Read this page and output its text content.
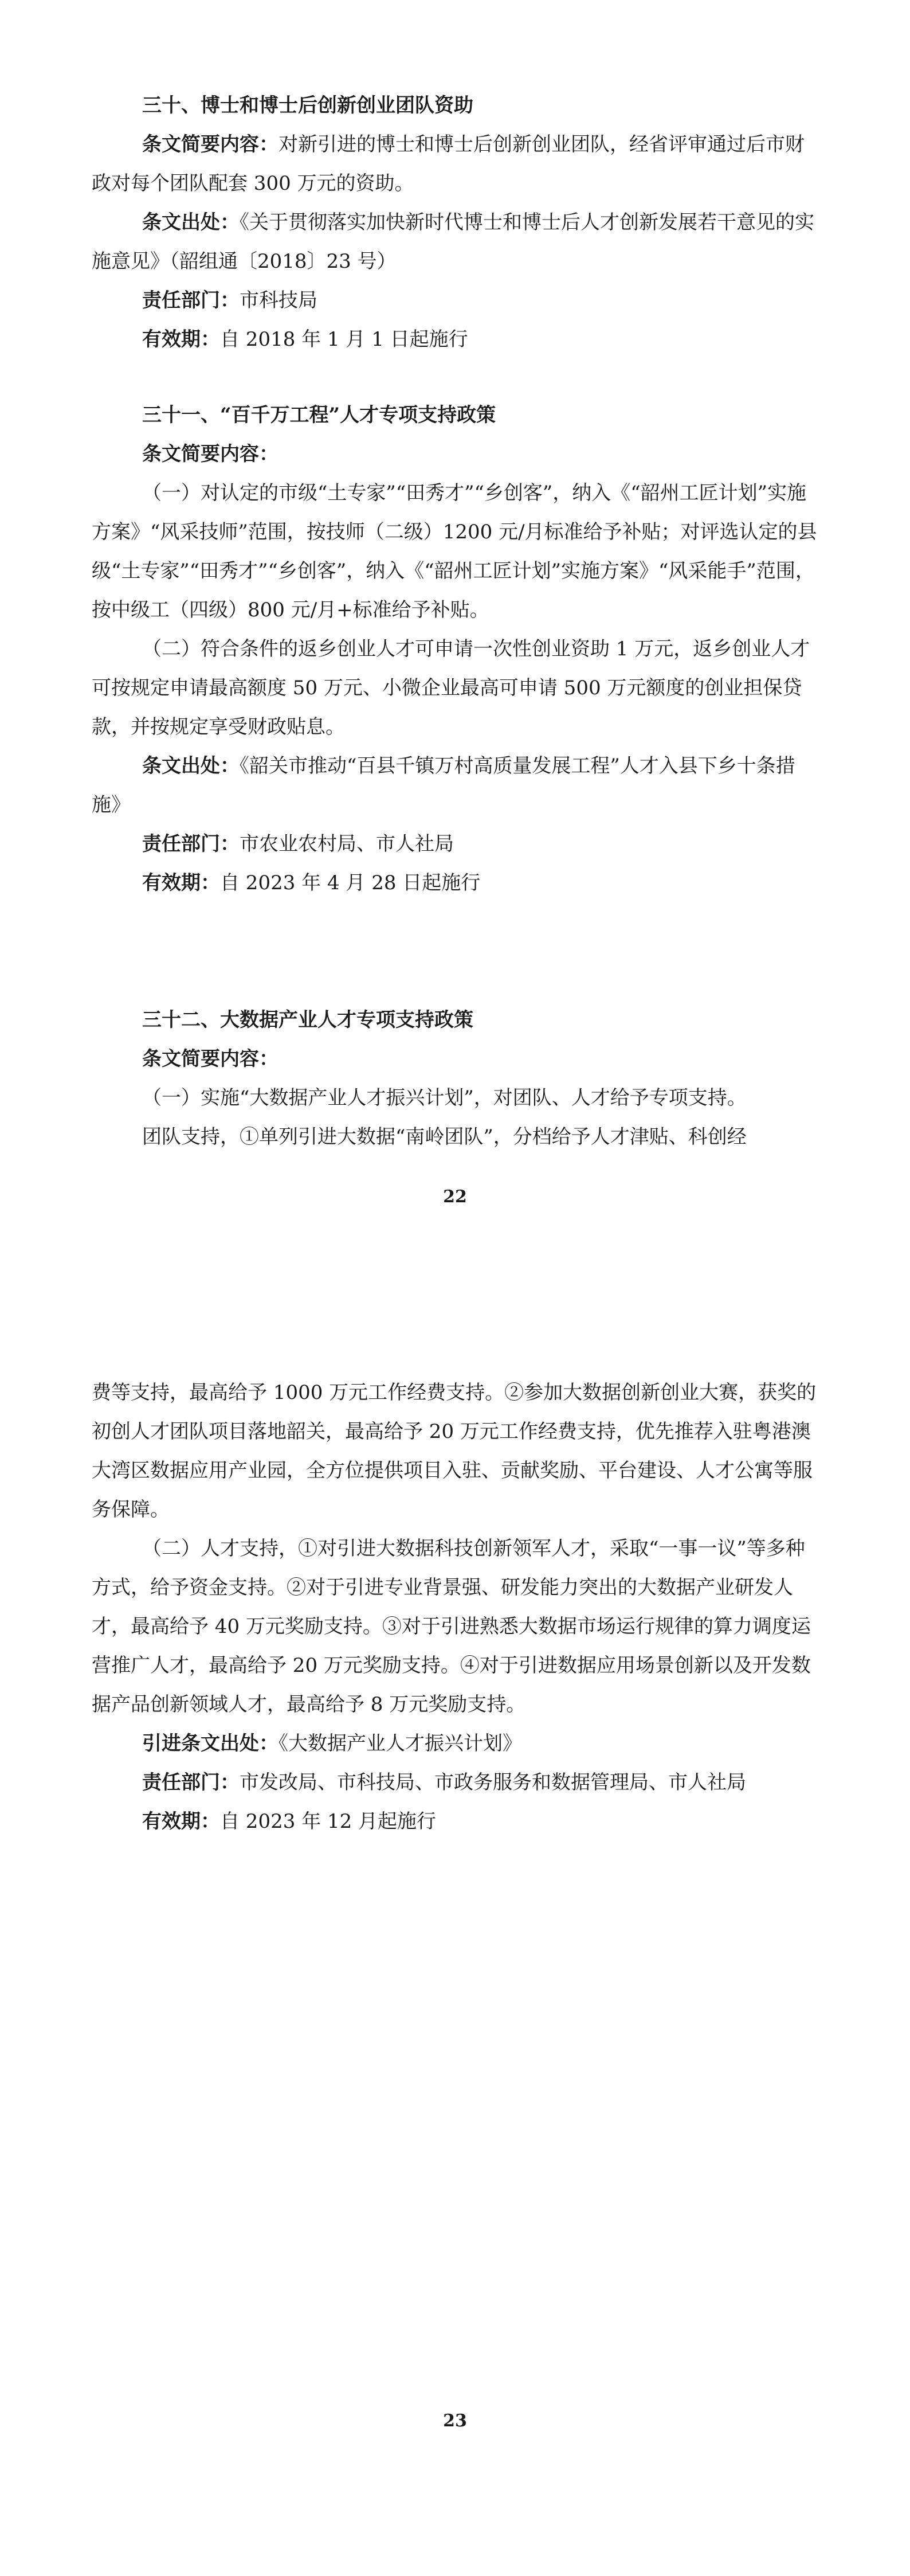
三十、博士和博士后创新创业团队资助

条文简要内容：对新引进的博士和博士后创新创业团队，经省评审通过后市财政对每个团队配套 300 万元的资助。

条文出处：《关于贯彻落实加快新时代博士和博士后人才创新发展若干意见的实施意见》（韶组通〔2018〕23 号）

责任部门：市科技局

有效期：自 2018 年 1 月 1 日起施行

三十一、“百千万工程”人才专项支持政策

条文简要内容：

（一）对认定的市级“土专家”“田秀才”“乡创客”，纳入《“韶州工匠计划”实施方案》“风采技师”范围，按技师（二级）1200 元/月标准给予补贴；对评选认定的县级“土专家”“田秀才”“乡创客”，纳入《“韶州工匠计划”实施方案》“风采能手”范围，按中级工（四级）800 元/月+标准给予补贴。

（二）符合条件的返乡创业人才可申请一次性创业资助 1 万元，返乡创业人才可按规定申请最高额度 50 万元、小微企业最高可申请 500 万元额度的创业担保贷款，并按规定享受财政贴息。

条文出处：《韶关市推动“百县千镇万村高质量发展工程”人才入县下乡十条措施》

责任部门：市农业农村局、市人社局

有效期：自 2023 年 4 月 28 日起施行

三十二、大数据产业人才专项支持政策

条文简要内容：

（一）实施“大数据产业人才振兴计划”，对团队、人才给予专项支持。

团队支持，①单列引进大数据“南岭团队”，分档给予人才津贴、科创经

22

费等支持，最高给予 1000 万元工作经费支持。②参加大数据创新创业大赛，获奖的初创人才团队项目落地韶关，最高给予 20 万元工作经费支持，优先推荐入驻粤港澳大湾区数据应用产业园，全方位提供项目入驻、贡献奖励、平台建设、人才公寓等服务保障。

（二）人才支持，①对引进大数据科技创新领军人才，采取“一事一议”等多种方式，给予资金支持。②对于引进专业背景强、研发能力突出的大数据产业研发人才，最高给予 40 万元奖励支持。③对于引进熟悉大数据市场运行规律的算力调度运营推广人才，最高给予 20 万元奖励支持。④对于引进数据应用场景创新以及开发数据产品创新领域人才，最高给予 8 万元奖励支持。

引进条文出处：《大数据产业人才振兴计划》

责任部门：市发改局、市科技局、市政务服务和数据管理局、市人社局

有效期：自 2023 年 12 月起施行

23
